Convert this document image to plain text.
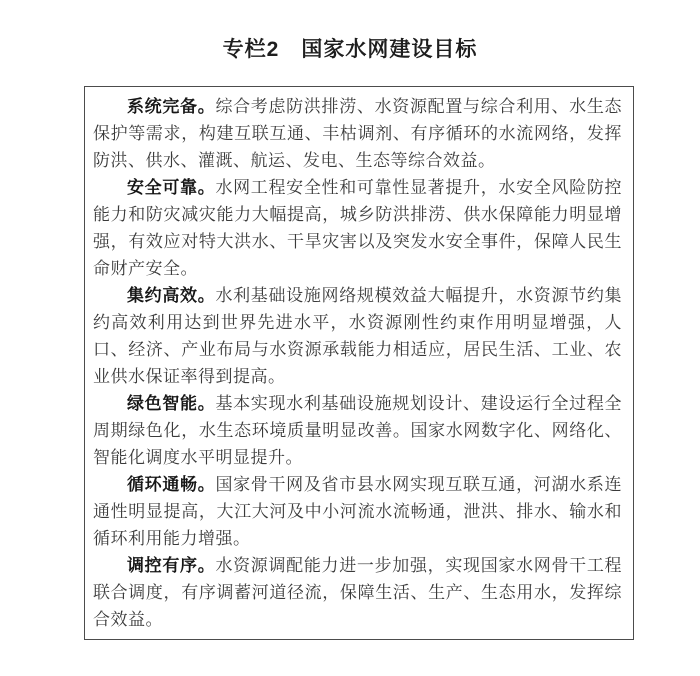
专栏2　国家水网建设目标

系统完备。综合考虑防洪排涝、水资源配置与综合利用、水生态保护等需求，构建互联互通、丰枯调剂、有序循环的水流网络，发挥防洪、供水、灌溉、航运、发电、生态等综合效益。

安全可靠。水网工程安全性和可靠性显著提升，水安全风险防控能力和防灾减灾能力大幅提高，城乡防洪排涝、供水保障能力明显增强，有效应对特大洪水、干旱灾害以及突发水安全事件，保障人民生命财产安全。

集约高效。水利基础设施网络规模效益大幅提升，水资源节约集约高效利用达到世界先进水平，水资源刚性约束作用明显增强，人口、经济、产业布局与水资源承载能力相适应，居民生活、工业、农业供水保证率得到提高。

绿色智能。基本实现水利基础设施规划设计、建设运行全过程全周期绿色化，水生态环境质量明显改善。国家水网数字化、网络化、智能化调度水平明显提升。

循环通畅。国家骨干网及省市县水网实现互联互通，河湖水系连通性明显提高，大江大河及中小河流水流畅通，泄洪、排水、输水和循环利用能力增强。

调控有序。水资源调配能力进一步加强，实现国家水网骨干工程联合调度，有序调蓄河道径流，保障生活、生产、生态用水，发挥综合效益。
